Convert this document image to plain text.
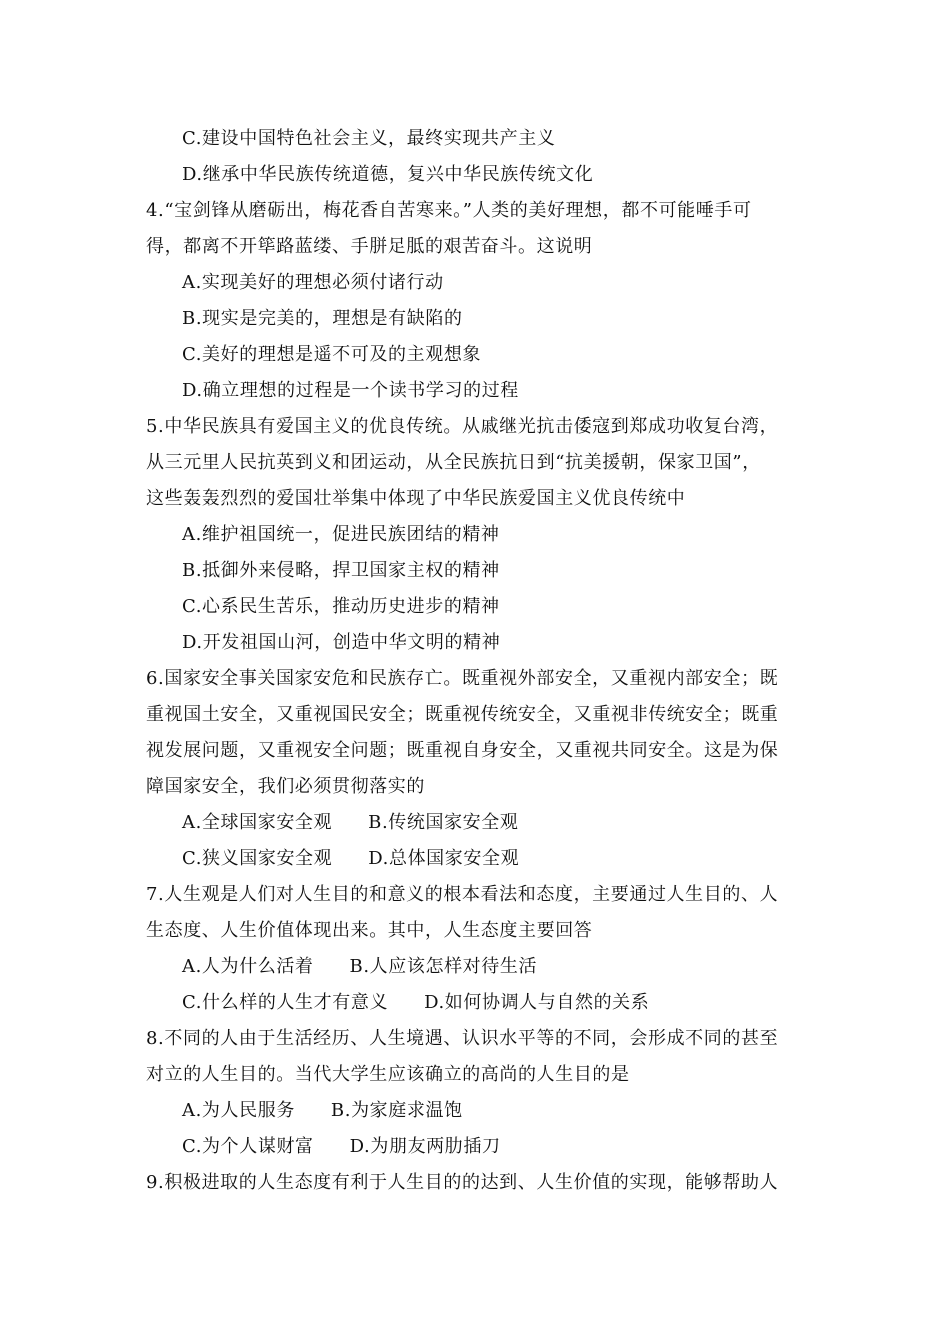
C.建设中国特色社会主义，最终实现共产主义

D.继承中华民族传统道德，复兴中华民族传统文化

4.“宝剑锋从磨砺出，梅花香自苦寒来。”人类的美好理想，都不可能唾手可

得，都离不开筚路蓝缕、手胼足胝的艰苦奋斗。这说明

A.实现美好的理想必须付诸行动

B.现实是完美的，理想是有缺陷的

C.美好的理想是遥不可及的主观想象

D.确立理想的过程是一个读书学习的过程

5.中华民族具有爱国主义的优良传统。从戚继光抗击倭寇到郑成功收复台湾，

从三元里人民抗英到义和团运动，从全民族抗日到“抗美援朝，保家卫国”，

这些轰轰烈烈的爱国壮举集中体现了中华民族爱国主义优良传统中

A.维护祖国统一，促进民族团结的精神

B.抵御外来侵略，捍卫国家主权的精神

C.心系民生苦乐，推动历史进步的精神

D.开发祖国山河，创造中华文明的精神

6.国家安全事关国家安危和民族存亡。既重视外部安全，又重视内部安全；既

重视国土安全，又重视国民安全；既重视传统安全，又重视非传统安全；既重

视发展问题，又重视安全问题；既重视自身安全，又重视共同安全。这是为保

障国家安全，我们必须贯彻落实的

A.全球国家安全观 B.传统国家安全观

C.狭义国家安全观 D.总体国家安全观

7.人生观是人们对人生目的和意义的根本看法和态度，主要通过人生目的、人

生态度、人生价值体现出来。其中，人生态度主要回答

A.人为什么活着 B.人应该怎样对待生活

C.什么样的人生才有意义 D.如何协调人与自然的关系

8.不同的人由于生活经历、人生境遇、认识水平等的不同，会形成不同的甚至

对立的人生目的。当代大学生应该确立的高尚的人生目的是

A.为人民服务 B.为家庭求温饱

C.为个人谋财富 D.为朋友两肋插刀

9.积极进取的人生态度有利于人生目的的达到、人生价值的实现，能够帮助人
